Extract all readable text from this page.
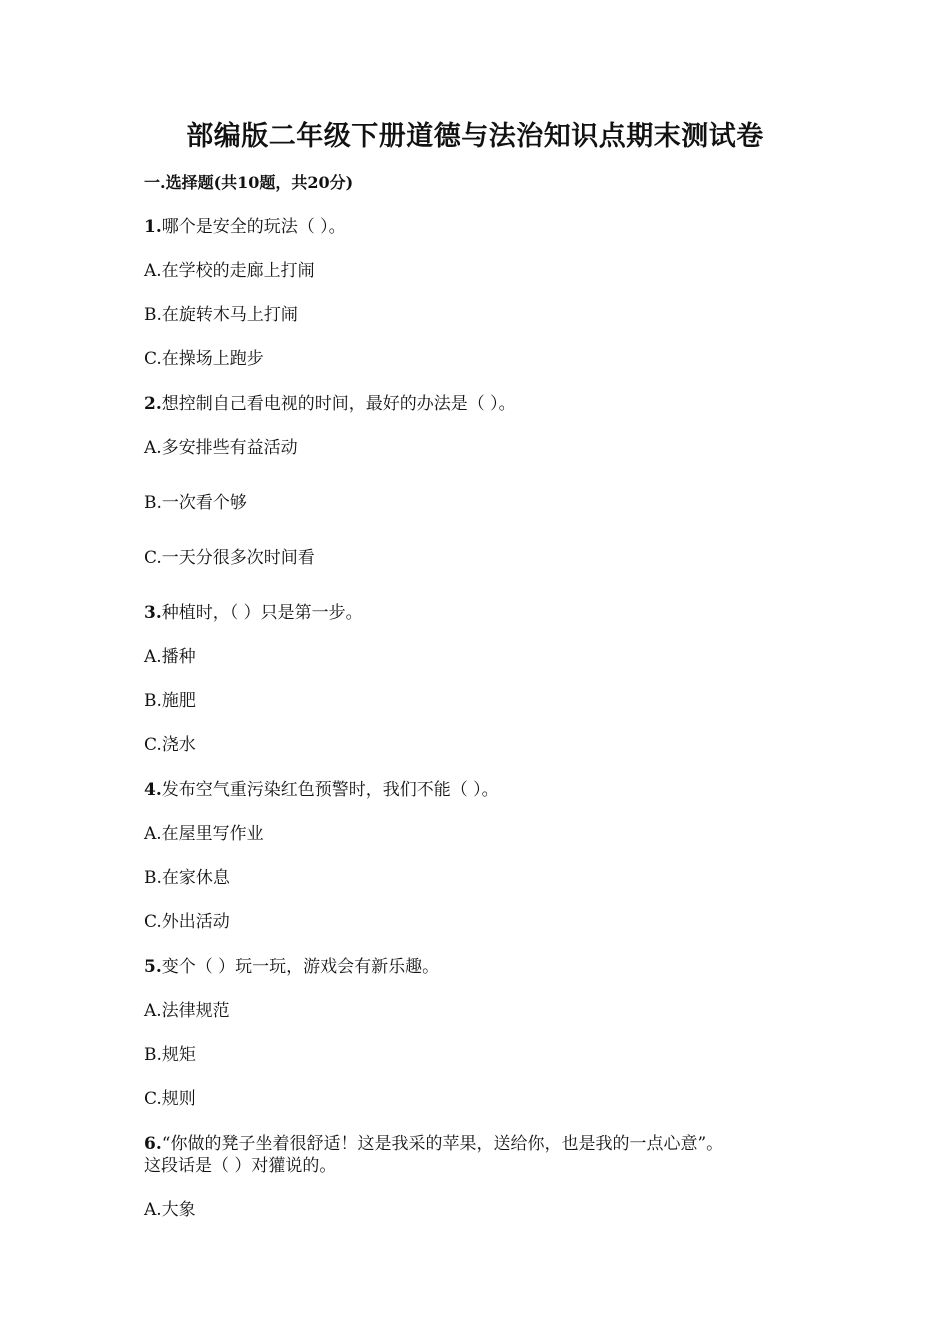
部编版二年级下册道德与法治知识点期末测试卷
一.选择题(共10题，共20分)
1.哪个是安全的玩法（ ）。
A.在学校的走廊上打闹
B.在旋转木马上打闹
C.在操场上跑步
2.想控制自己看电视的时间，最好的办法是（ ）。
A.多安排些有益活动
B.一次看个够
C.一天分很多次时间看
3.种植时，（ ）只是第一步。
A.播种
B.施肥
C.浇水
4.发布空气重污染红色预警时，我们不能（ ）。
A.在屋里写作业
B.在家休息
C.外出活动
5.变个（ ）玩一玩，游戏会有新乐趣。
A.法律规范
B.规矩
C.规则
6.“你做的凳子坐着很舒适！这是我采的苹果，送给你，也是我的一点心意”。
这段话是（ ）对獾说的。
A.大象
